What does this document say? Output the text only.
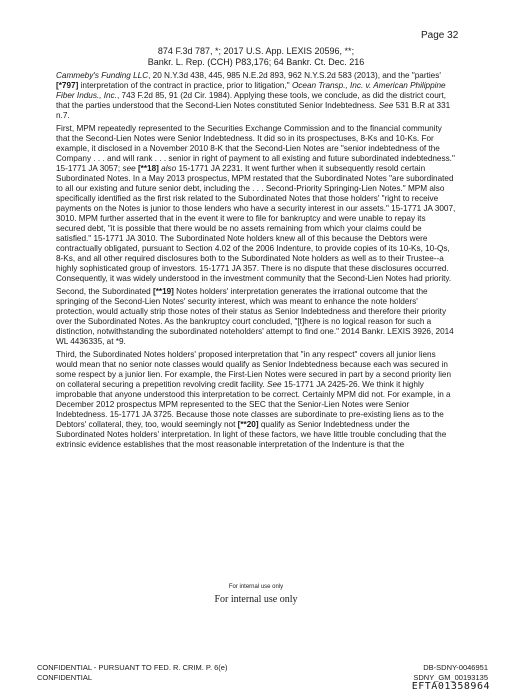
Page 32
874 F.3d 787, *; 2017 U.S. App. LEXIS 20596, **;
Bankr. L. Rep. (CCH) P83,176; 64 Bankr. Ct. Dec. 216

Cammeby's Funding LLC, 20 N.Y.3d 438, 445, 985 N.E.2d 893, 962 N.Y.S.2d 583 (2013), and the "parties' [*797] interpretation of the contract in practice, prior to litigation," Ocean Transp., Inc. v. American Philippine Fiber Indus., Inc., 743 F.2d 85, 91 (2d Cir. 1984). Applying these tools, we conclude, as did the district court, that the parties understood that the Second-Lien Notes constituted Senior Indebtedness. See 531 B.R at 331 n.7.

First, MPM repeatedly represented to the Securities Exchange Commission and to the financial community that the Second-Lien Notes were Senior Indebtedness. It did so in its prospectuses, 8-Ks and 10-Ks. For example, it disclosed in a November 2010 8-K that the Second-Lien Notes are "senior indebtedness of the Company . . . and will rank . . . senior in right of payment to all existing and future subordinated indebtedness." 15-1771 JA 3057; see [**18] also 15-1771 JA 2231. It went further when it subsequently resold certain Subordinated Notes. In a May 2013 prospectus, MPM restated that the Subordinated Notes "are subordinated to all our existing and future senior debt, including the . . . Second-Priority Springing-Lien Notes." MPM also specifically identified as the first risk related to the Subordinated Notes that those holders' "right to receive payments on the Notes is junior to those lenders who have a security interest in our assets." 15-1771 JA 3007, 3010. MPM further asserted that in the event it were to file for bankruptcy and were unable to repay its secured debt, "it is possible that there would be no assets remaining from which your claims could be satisfied." 15-1771 JA 3010. The Subordinated Note holders knew all of this because the Debtors were contractually obligated, pursuant to Section 4.02 of the 2006 Indenture, to provide copies of its 10-Ks, 10-Qs, 8-Ks, and all other required disclosures both to the Subordinated Note holders as well as to their Trustee--a highly sophisticated group of investors. 15-1771 JA 357. There is no dispute that these disclosures occurred. Consequently, it was widely understood in the investment community that the Second-Lien Notes had priority.

Second, the Subordinated [**19] Notes holders' interpretation generates the irrational outcome that the springing of the Second-Lien Notes' security interest, which was meant to enhance the note holders' protection, would actually strip those notes of their status as Senior Indebtedness and therefore their priority over the Subordinated Notes. As the bankruptcy court concluded, "[t]here is no logical reason for such a distinction, notwithstanding the subordinated noteholders' attempt to find one." 2014 Bankr. LEXIS 3926, 2014 WL 4436335, at *9.

Third, the Subordinated Notes holders' proposed interpretation that "in any respect" covers all junior liens would mean that no senior note classes would qualify as Senior Indebtedness because each was secured in some respect by a junior lien. For example, the First-Lien Notes were secured in part by a second priority lien on collateral securing a prepetition revolving credit facility. See 15-1771 JA 2425-26. We think it highly improbable that anyone understood this interpretation to be correct. Certainly MPM did not. For example, in a December 2012 prospectus MPM represented to the SEC that the Senior-Lien Notes were Senior Indebtedness. 15-1771 JA 3725. Because those note classes are subordinate to pre-existing liens as to the Debtors' collateral, they, too, would seemingly not [**20] qualify as Senior Indebtedness under the Subordinated Notes holders' interpretation. In light of these factors, we have little trouble concluding that the extrinsic evidence establishes that the most reasonable interpretation of the Indenture is that the

For internal use only
For internal use only
CONFIDENTIAL - PURSUANT TO FED. R. CRIM. P. 6(e)
CONFIDENTIAL
DB-SDNY-0046951
SDNY_GM_00193135
EFTA01358964
